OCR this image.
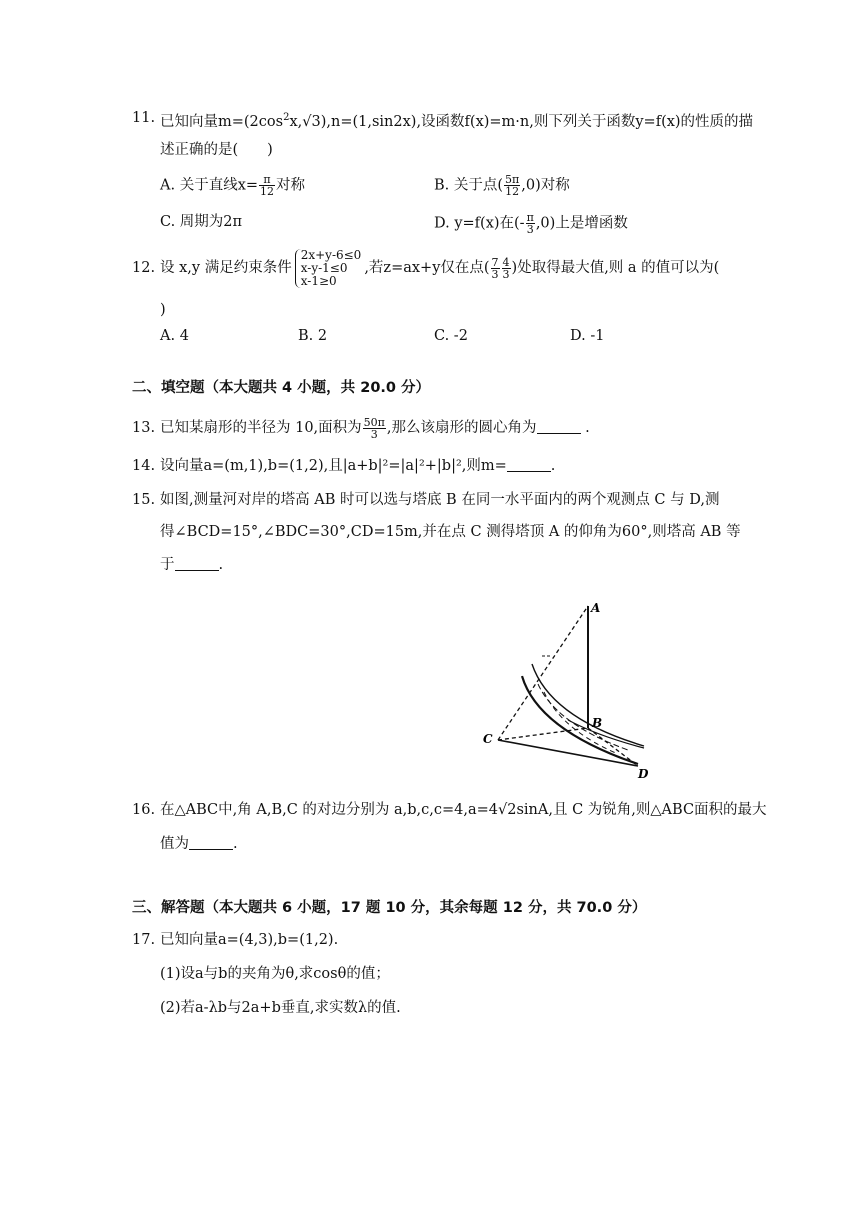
11. 已知向量$m=(2\cos^2x,√3),n=(1,\sin 2x)$,设函数f(x)=m·n,则下列关于函数y=f(x)的性质的描
述正确的是(　　)
A. 关于直线$x= \frac{\pi}{12}$ 对称	B. 关于点( $\frac{5\pi}{12} ,0$)对称
C. 周期为2π	D. y=f(x)在(- $\frac{\pi}{3} ,0$)上是增函数
12. 设 x,y 满足约束条件
2x+y-6≤0
x-y-1≤0
x-1≥0
,若z=ax+y仅在点( $\frac{7}{3} \frac{4}{3}$ )处取得最大值,则 a 的值可以为(
)
A. 4	B. 2	C. -2	D. -1
二、填空题（本大题共 4 小题，共 20.0 分）
13. 已知某扇形的半径为 10,面积为 $\frac{50\pi}{3}$ ,那么该扇形的圆心角为	.
14. 设向量a=(m,1),b=(1,2),且|a+b|²=|a|²+|b|²,则m=	.
15. 如图,测量河对岸的塔高 AB 时可以选与塔底 B 在同一水平面内的两个观测点 C 与 D,测
得∠BCD=15°,∠BDC=30°,CD=15m,并在点 C 测得塔顶 A 的仰角为60°,则塔高 AB 等
于	.
A
B
C
D
16. 在△ABC中,角 A,B,C 的对边分别为 a,b,c,c=4,a=4√2sinA,且 C 为锐角,则△ABC面积的最大
值为	.
三、解答题（本大题共 6 小题，17 题 10 分，其余每题 12 分，共 70.0 分）
17. 已知向量a=(4,3),b=(1,2).
(1)设a与b的夹角为θ,求cosθ的值；
(2)若a-λb与2a+b垂直,求实数λ的值.
